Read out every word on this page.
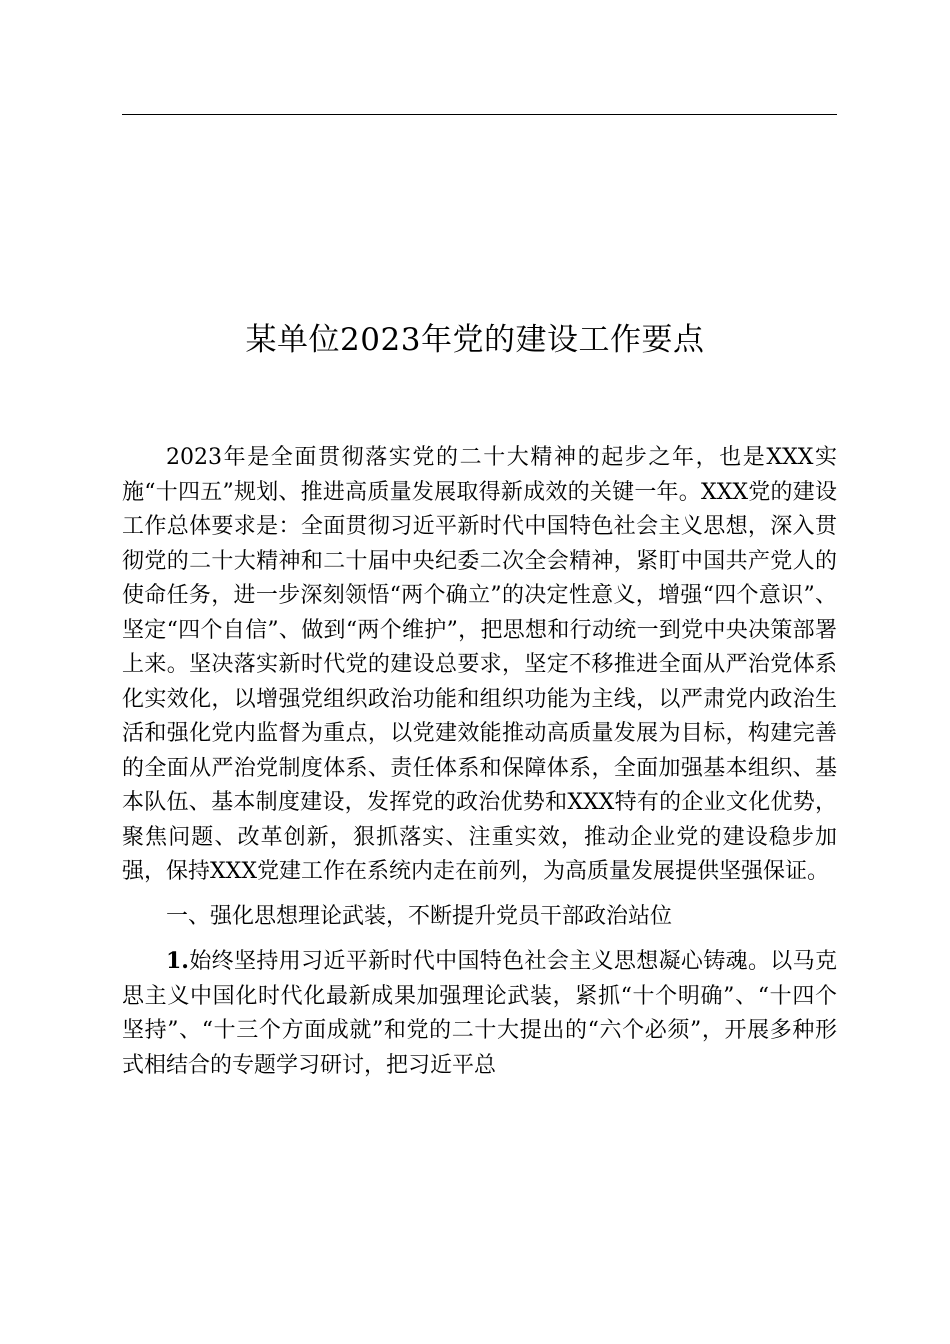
某单位2023年党的建设工作要点

2023年是全面贯彻落实党的二十大精神的起步之年，也是XXX实施“十四五”规划、推进高质量发展取得新成效的关键一年。XXX党的建设工作总体要求是：全面贯彻习近平新时代中国特色社会主义思想，深入贯彻党的二十大精神和二十届中央纪委二次全会精神，紧盯中国共产党人的使命任务，进一步深刻领悟“两个确立”的决定性意义，增强“四个意识”、坚定“四个自信”、做到“两个维护”，把思想和行动统一到党中央决策部署上来。坚决落实新时代党的建设总要求，坚定不移推进全面从严治党体系化实效化，以增强党组织政治功能和组织功能为主线，以严肃党内政治生活和强化党内监督为重点，以党建效能推动高质量发展为目标，构建完善的全面从严治党制度体系、责任体系和保障体系，全面加强基本组织、基本队伍、基本制度建设，发挥党的政治优势和XXX特有的企业文化优势，聚焦问题、改革创新，狠抓落实、注重实效，推动企业党的建设稳步加强，保持XXX党建工作在系统内走在前列，为高质量发展提供坚强保证。

一、强化思想理论武装，不断提升党员干部政治站位

1.始终坚持用习近平新时代中国特色社会主义思想凝心铸魂。以马克思主义中国化时代化最新成果加强理论武装，紧抓“十个明确”、“十四个坚持”、“十三个方面成就”和党的二十大提出的“六个必须”，开展多种形式相结合的专题学习研讨，把习近平总
